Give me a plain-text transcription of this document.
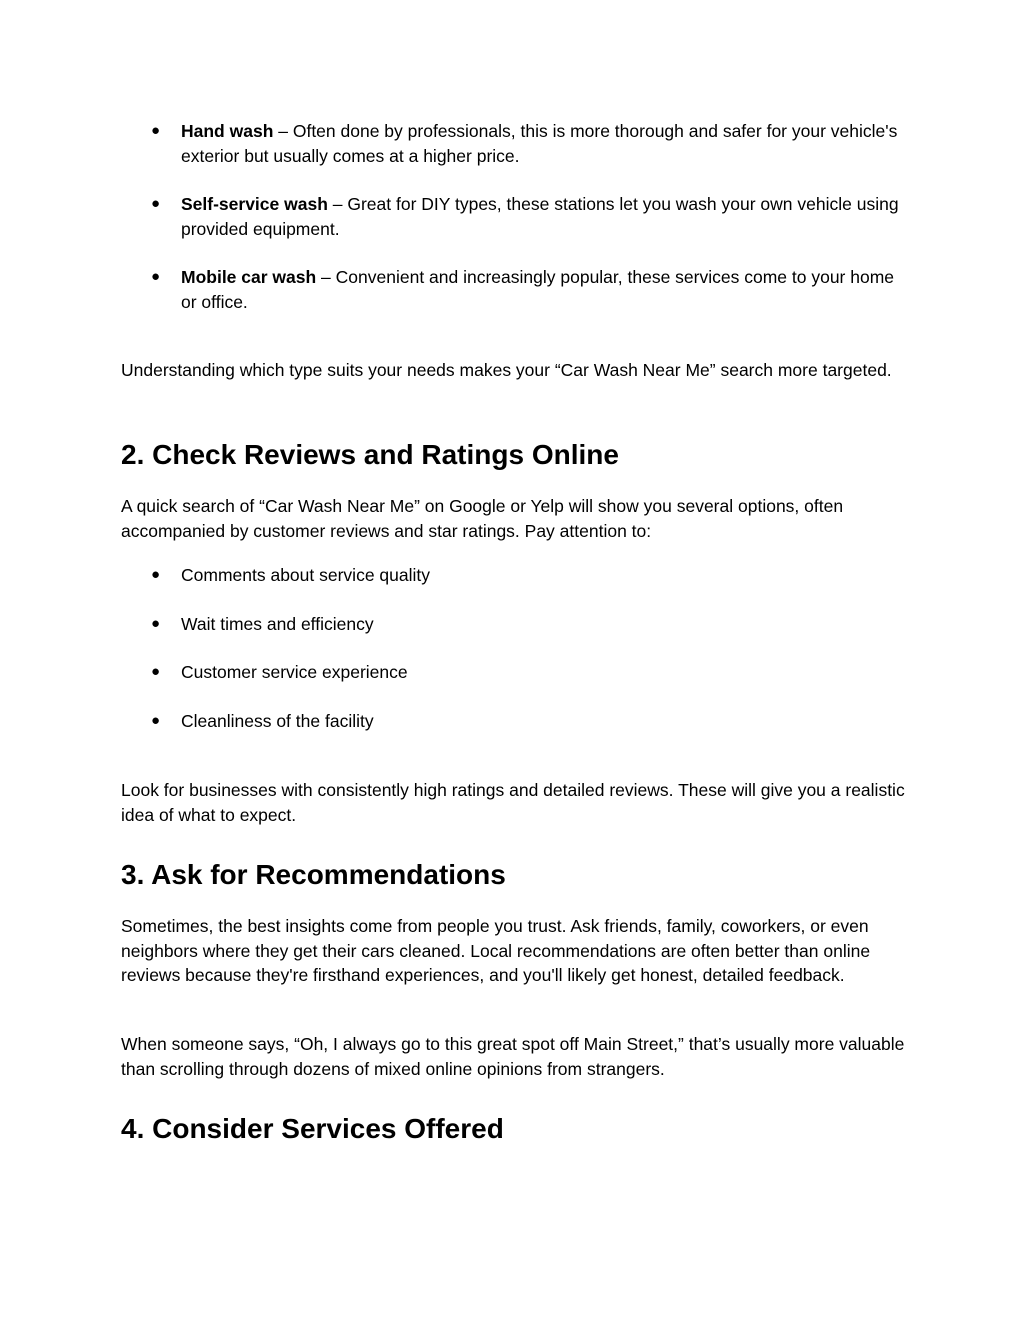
● Hand wash – Often done by professionals, this is more thorough and safer for your vehicle's exterior but usually comes at a higher price.
● Self-service wash – Great for DIY types, these stations let you wash your own vehicle using provided equipment.
● Mobile car wash – Convenient and increasingly popular, these services come to your home or office.

Understanding which type suits your needs makes your “Car Wash Near Me” search more targeted.

2. Check Reviews and Ratings Online

A quick search of “Car Wash Near Me” on Google or Yelp will show you several options, often accompanied by customer reviews and star ratings. Pay attention to:

● Comments about service quality
● Wait times and efficiency
● Customer service experience
● Cleanliness of the facility

Look for businesses with consistently high ratings and detailed reviews. These will give you a realistic idea of what to expect.

3. Ask for Recommendations

Sometimes, the best insights come from people you trust. Ask friends, family, coworkers, or even neighbors where they get their cars cleaned. Local recommendations are often better than online reviews because they're firsthand experiences, and you'll likely get honest, detailed feedback.

When someone says, “Oh, I always go to this great spot off Main Street,” that’s usually more valuable than scrolling through dozens of mixed online opinions from strangers.

4. Consider Services Offered
